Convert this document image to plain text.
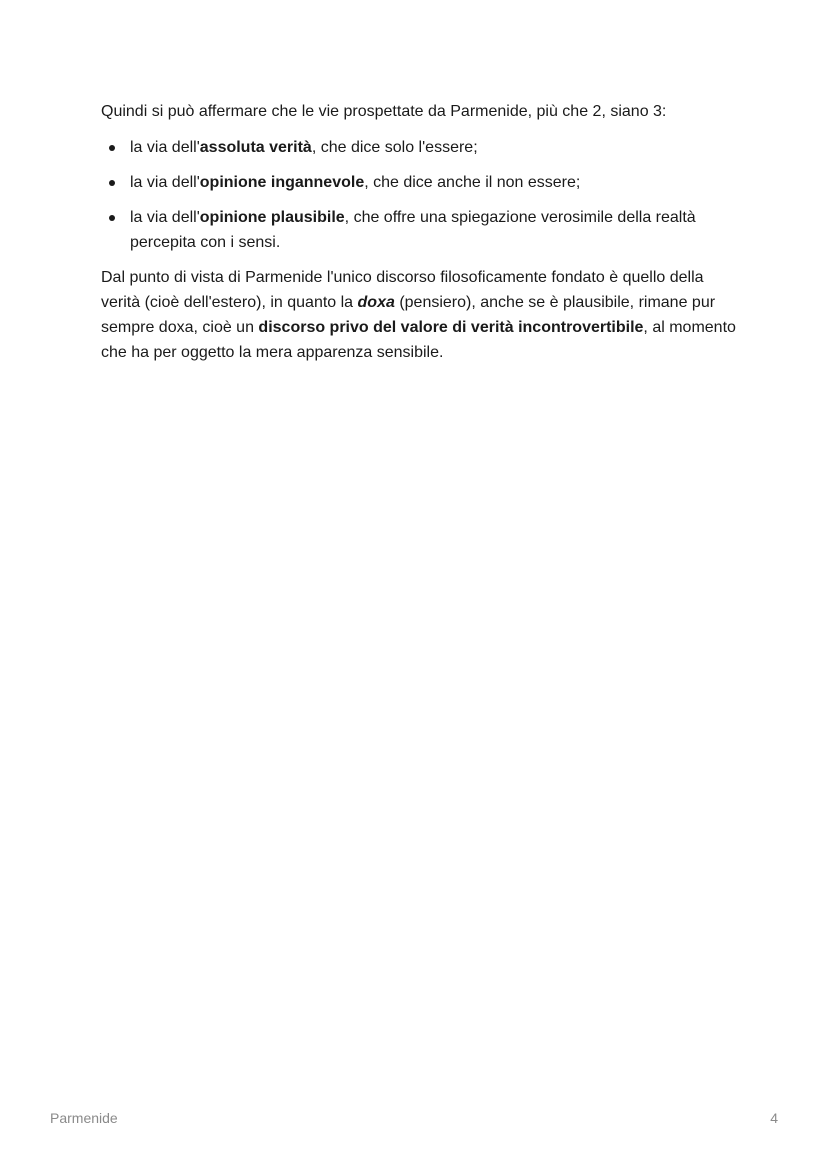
Quindi si può affermare che le vie prospettate da Parmenide, più che 2, siano 3:

la via dell'assoluta verità, che dice solo l'essere;
la via dell'opinione ingannevole, che dice anche il non essere;
la via dell'opinione plausibile, che offre una spiegazione verosimile della realtà percepita con i sensi.

Dal punto di vista di Parmenide l'unico discorso filosoficamente fondato è quello della verità (cioè dell'estero), in quanto la doxa (pensiero), anche se è plausibile, rimane pur sempre doxa, cioè un discorso privo del valore di verità incontrovertibile, al momento che ha per oggetto la mera apparenza sensibile.

Parmenide	4
